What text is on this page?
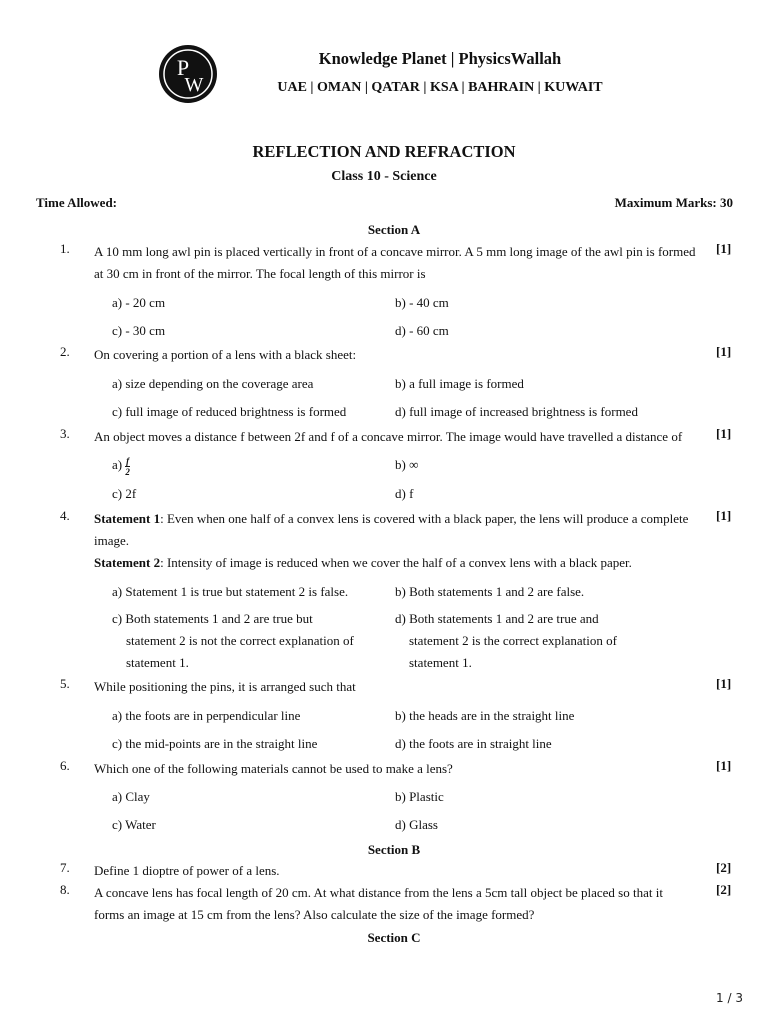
P
W
Knowledge Planet | PhysicsWallah
UAE | OMAN | QATAR | KSA | BAHRAIN | KUWAIT
REFLECTION AND REFRACTION
Class 10 - Science
Time Allowed:	Maximum Marks: 30
Section A
1. A 10 mm long awl pin is placed vertically in front of a concave mirror. A 5 mm long image of the awl pin is formed at 30 cm in front of the mirror. The focal length of this mirror is
[1]
a) - 20 cm	b) - 40 cm
c) - 30 cm	d) - 60 cm
2. On covering a portion of a lens with a black sheet:	[1]
a) size depending on the coverage area	b) a full image is formed
c) full image of reduced brightness is formed	d) full image of increased brightness is formed
3. An object moves a distance f between 2f and f of a concave mirror. The image would have travelled a distance of	[1]
$a) \frac{f}{2}$	b) ∞
c) 2f	d) f
4. Statement 1: Even when one half of a convex lens is covered with a black paper, the lens will produce a complete image.
[1]
Statement 2: Intensity of image is reduced when we cover the half of a convex lens with a black paper.
a) Statement 1 is true but statement 2 is false.	b) Both statements 1 and 2 are false.
c) Both statements 1 and 2 are true but
statement 2 is not the correct explanation of
statement 1.
d) Both statements 1 and 2 are true and
statement 2 is the correct explanation of
statement 1.
5. While positioning the pins, it is arranged such that	[1]
a) the foots are in perpendicular line	b) the heads are in the straight line
c) the mid-points are in the straight line	d) the foots are in straight line
6. Which one of the following materials cannot be used to make a lens?	[1]
a) Clay	b) Plastic
c) Water	d) Glass
Section B
7. Define 1 dioptre of power of a lens.	[2]
8. A concave lens has focal length of 20 cm. At what distance from the lens a 5cm tall object be placed so that it forms an image at 15 cm from the lens? Also calculate the size of the image formed?
[2]
Section C
1 / 3
